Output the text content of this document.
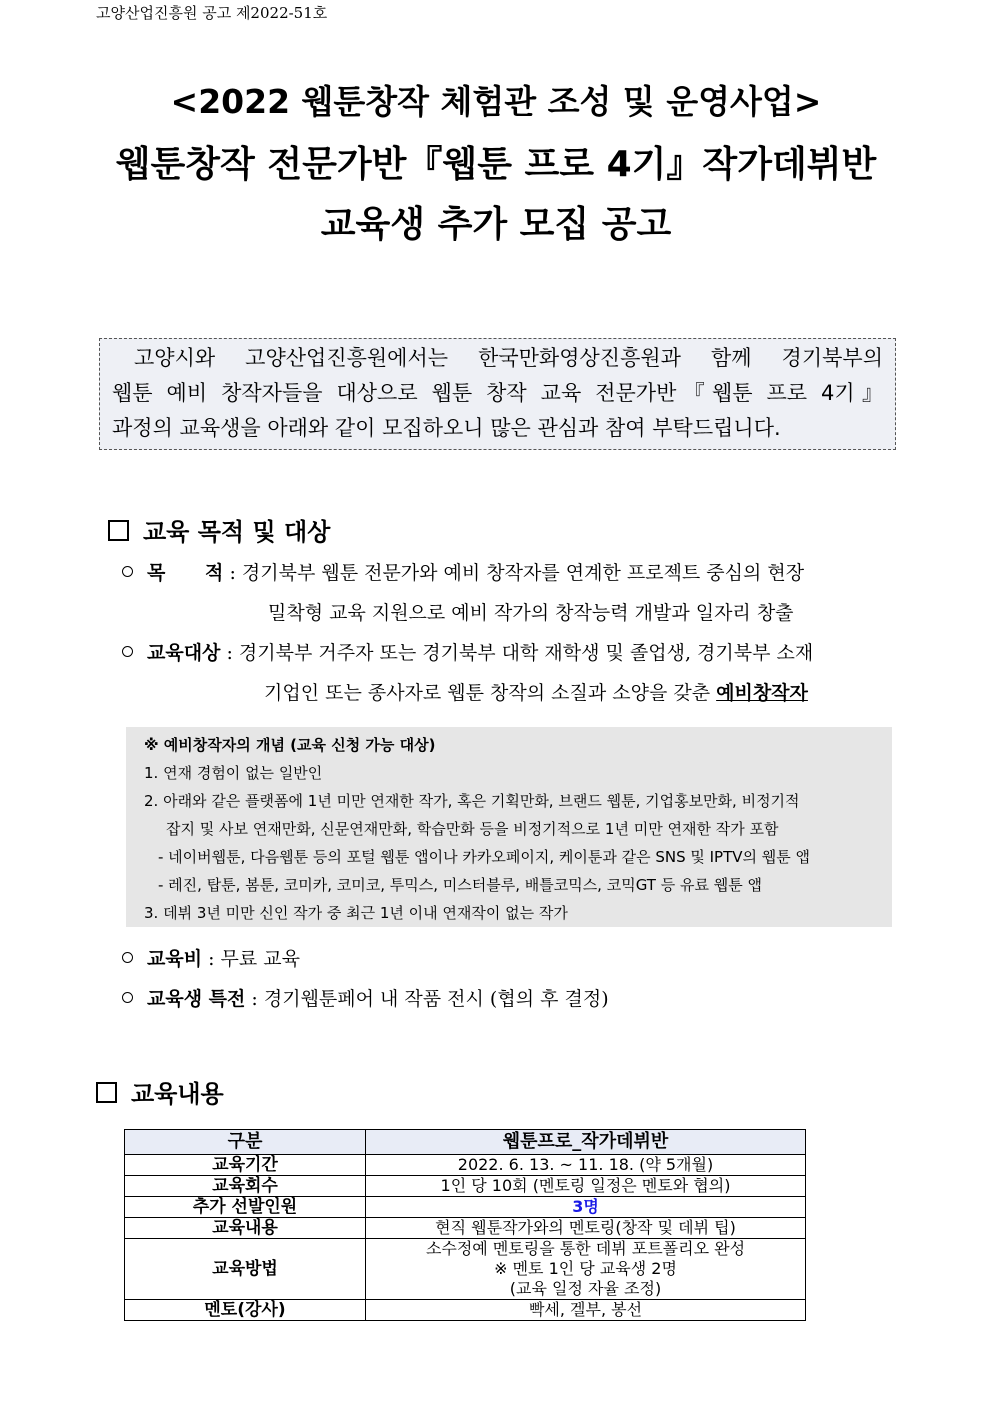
고양산업진흥원 공고 제2022-51호
<2022 웹툰창작 체험관 조성 및 운영사업>
웹툰창작 전문가반『웹툰 프로 4기』작가데뷔반
교육생 추가 모집 공고
고양시와 고양산업진흥원에서는 한국만화영상진흥원과 함께 경기북부의
웹툰 예비 창작자들을 대상으로 웹툰 창작 교육 전문가반『웹툰 프로 4기』
과정의 교육생을 아래와 같이 모집하오니 많은 관심과 참여 부탁드립니다.
교육 목적 및 대상
목      적 : 경기북부 웹툰 전문가와 예비 창작자를 연계한 프로젝트 중심의 현장
밀착형 교육 지원으로 예비 작가의 창작능력 개발과 일자리 창출
교육대상 : 경기북부 거주자 또는 경기북부 대학 재학생 및 졸업생, 경기북부 소재
기업인 또는 종사자로 웹툰 창작의 소질과 소양을 갖춘 예비창작자
※ 예비창작자의 개념 (교육 신청 가능 대상)
1. 연재 경험이 없는 일반인
2. 아래와 같은 플랫폼에 1년 미만 연재한 작가, 혹은 기획만화, 브랜드 웹툰, 기업홍보만화, 비정기적
잡지 및 사보 연재만화, 신문연재만화, 학습만화 등을 비정기적으로 1년 미만 연재한 작가 포함
- 네이버웹툰, 다음웹툰 등의 포털 웹툰 앱이나 카카오페이지, 케이툰과 같은 SNS 및 IPTV의 웹툰 앱
- 레진, 탑툰, 봄툰, 코미카, 코미코, 투믹스, 미스터블루, 배틀코믹스, 코믹GT 등 유료 웹툰 앱
3. 데뷔 3년 미만 신인 작가 중 최근 1년 이내 연재작이 없는 작가
교육비 : 무료 교육
교육생 특전 : 경기웹툰페어 내 작품 전시 (협의 후 결정)
교육내용
구분	웹툰프로_작가데뷔반
교육기간	2022. 6. 13. ~ 11. 18. (약 5개월)
교육회수	1인 당 10회 (멘토링 일정은 멘토와 협의)
추가 선발인원	3명
교육내용	현직 웹툰작가와의 멘토링(창작 및 데뷔 팁)
교육방법	소수정예 멘토링을 통한 데뷔 포트폴리오 완성
※ 멘토 1인 당 교육생 2명
(교육 일정 자율 조정)

멘토(강사)	빡세, 겔부, 봉선
